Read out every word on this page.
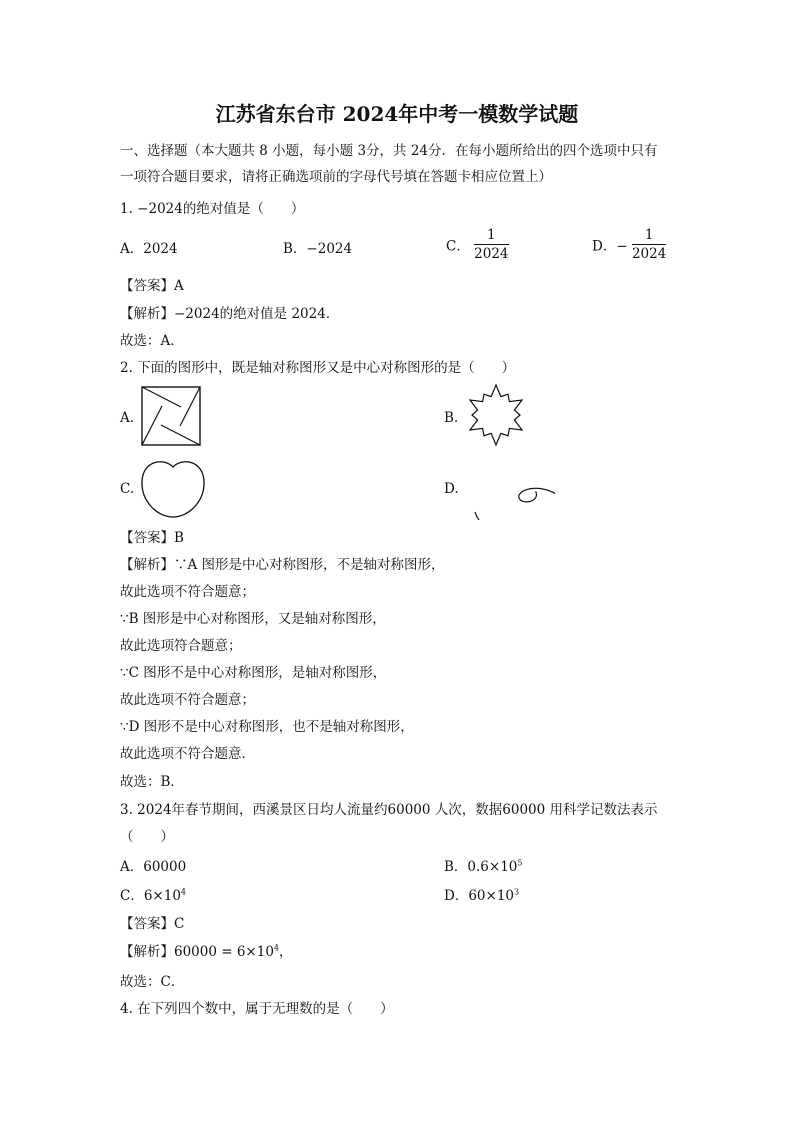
江苏省东台市 2024年中考一模数学试题
一、选择题（本大题共 8 小题，每小题 3分，共 24分．在每小题所给出的四个选项中只有
一项符合题目要求，请将正确选项前的字母代号填在答题卡相应位置上）
1. −2024的绝对值是（　　）
A．2024	B．−2024	C． $\frac{1}{2024}$	D．− $\frac{1}{2024}$
【答案】A
【解析】−2024的绝对值是 2024．
故选：A．
2. 下面的图形中，既是轴对称图形又是中心对称图形的是（　　）
A.	B.
C.	D.
【答案】B
【解析】∵A 图形是中心对称图形，不是轴对称图形，
故此选项不符合题意；
∵B 图形是中心对称图形，又是轴对称图形，
故此选项符合题意；
∵C 图形不是中心对称图形，是轴对称图形，
故此选项不符合题意；
∵D 图形不是中心对称图形，也不是轴对称图形，
故此选项不符合题意．
故选：B．
3. 2024年春节期间，西溪景区日均人流量约60000 人次，数据60000 用科学记数法表示
（　　）
A．60000	B．$0.6\times 10^5$
C．$6\times 10^4$	D．$60\times 10^3$
【答案】C
【解析】$60000 = 6\times 10^4$，
故选：C．
4. 在下列四个数中，属于无理数的是（　　）
